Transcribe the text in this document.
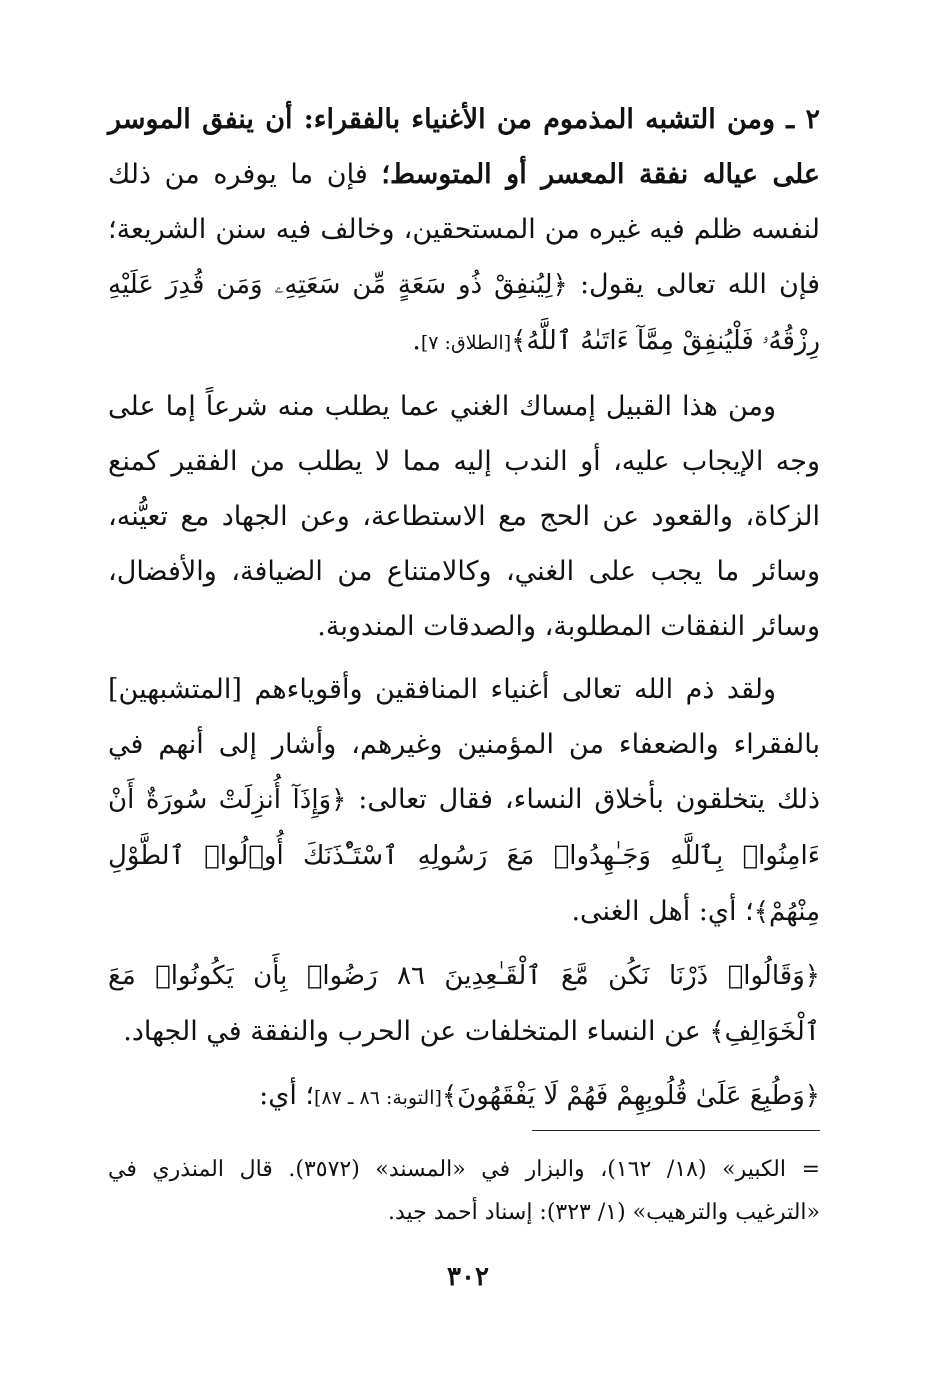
٢ ـ ومن التشبه المذموم من الأغنياء بالفقراء: أن ينفق الموسر على عياله نفقة المعسر أو المتوسط؛ فإن ما يوفره من ذلك لنفسه ظلم فيه غيره من المستحقين، وخالف فيه سنن الشريعة؛ فإن الله تعالى يقول: ﴿لِيُنفِقْ ذُو سَعَةٍ مِّن سَعَتِهِۦ وَمَن قُدِرَ عَلَيْهِ رِزْقُهُۥ فَلْيُنفِقْ مِمَّآ ءَاتَىٰهُ ٱللَّهُ﴾[الطلاق: ٧].

ومن هذا القبيل إمساك الغني عما يطلب منه شرعاً إما على وجه الإيجاب عليه، أو الندب إليه مما لا يطلب من الفقير كمنع الزكاة، والقعود عن الحج مع الاستطاعة، وعن الجهاد مع تعيُّنه، وسائر ما يجب على الغني، وكالامتناع من الضيافة، والأفضال، وسائر النفقات المطلوبة، والصدقات المندوبة.

ولقد ذم الله تعالى أغنياء المنافقين وأقوياءهم [المتشبهين] بالفقراء والضعفاء من المؤمنين وغيرهم، وأشار إلى أنهم في ذلك يتخلقون بأخلاق النساء، فقال تعالى: ﴿وَإِذَآ أُنزِلَتْ سُورَةٌ أَنْ ءَامِنُوا۟ بِٱللَّهِ وَجَـٰهِدُوا۟ مَعَ رَسُولِهِ ٱسْتَـْٔذَنَكَ أُو۟لُوا۟ ٱلطَّوْلِ مِنْهُمْ﴾؛ أي: أهل الغنى.

﴿وَقَالُوا۟ ذَرْنَا نَكُن مَّعَ ٱلْقَـٰعِدِينَ ٨٦ رَضُوا۟ بِأَن يَكُونُوا۟ مَعَ ٱلْخَوَالِفِ﴾ عن النساء المتخلفات عن الحرب والنفقة في الجهاد.

﴿وَطُبِعَ عَلَىٰ قُلُوبِهِمْ فَهُمْ لَا يَفْقَهُونَ﴾[التوبة: ٨٦ ـ ٨٧]؛ أي:

= الكبير» (١٨/ ١٦٢)، والبزار في «المسند» (٣٥٧٢). قال المنذري في «الترغيب والترهيب» (١/ ٣٢٣): إسناد أحمد جيد.
٣٠٢
